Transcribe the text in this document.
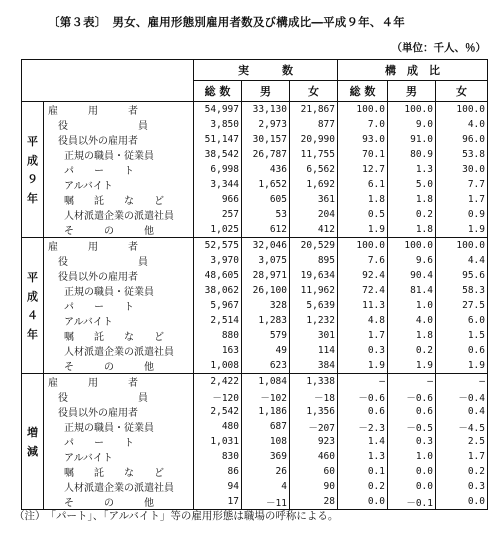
〔第３表〕　男女、雇用形態別雇用者数及び構成比―平成９年、４年
（単位：千人、％）
		実　　　数			構　成　比		
		総 数	男	女	総 数	男	女
平成９年	雇　　　用　　　者	54,997	33,130	21,867	100.0	100.0	100.0
	役　　　　　　　員	3,850	2,973	877	7.0	9.0	4.0
	役員以外の雇用者	51,147	30,157	20,990	93.0	91.0	96.0
	正規の職員・従業員	38,542	26,787	11,755	70.1	80.9	53.8
	パ　　ー　　ト	6,998	436	6,562	12.7	1.3	30.0
	アルバイト	3,344	1,652	1,692	6.1	5.0	7.7
	嘱　　託　　な　　ど	966	605	361	1.8	1.8	1.7
	人材派遣企業の派遣社員	257	53	204	0.5	0.2	0.9
	そ　　　の　　　他	1,025	612	412	1.9	1.8	1.9
平成４年	雇　　　用　　　者	52,575	32,046	20,529	100.0	100.0	100.0
	役　　　　　　　員	3,970	3,075	895	7.6	9.6	4.4
	役員以外の雇用者	48,605	28,971	19,634	92.4	90.4	95.6
	正規の職員・従業員	38,062	26,100	11,962	72.4	81.4	58.3
	パ　　ー　　ト	5,967	328	5,639	11.3	1.0	27.5
	アルバイト	2,514	1,283	1,232	4.8	4.0	6.0
	嘱　　託　　な　　ど	880	579	301	1.7	1.8	1.5
	人材派遣企業の派遣社員	163	49	114	0.3	0.2	0.6
	そ　　　の　　　他	1,008	623	384	1.9	1.9	1.9
増減	雇　　　用　　　者	2,422	1,084	1,338	―	―	―
	役　　　　　　　員	－120	－102	－18	－0.6	－0.6	－0.4
	役員以外の雇用者	2,542	1,186	1,356	0.6	0.6	0.4
	正規の職員・従業員	480	687	－207	－2.3	－0.5	－4.5
	パ　　ー　　ト	1,031	108	923	1.4	0.3	2.5
	アルバイト	830	369	460	1.3	1.0	1.7
	嘱　　託　　な　　ど	86	26	60	0.1	0.0	0.2
	人材派遣企業の派遣社員	94	4	90	0.2	0.0	0.3
	そ　　　の　　　他	17	－11	28	0.0	－0.1	0.0
（注）　「パート」、「アルバイト」等の雇用形態は職場の呼称による。
